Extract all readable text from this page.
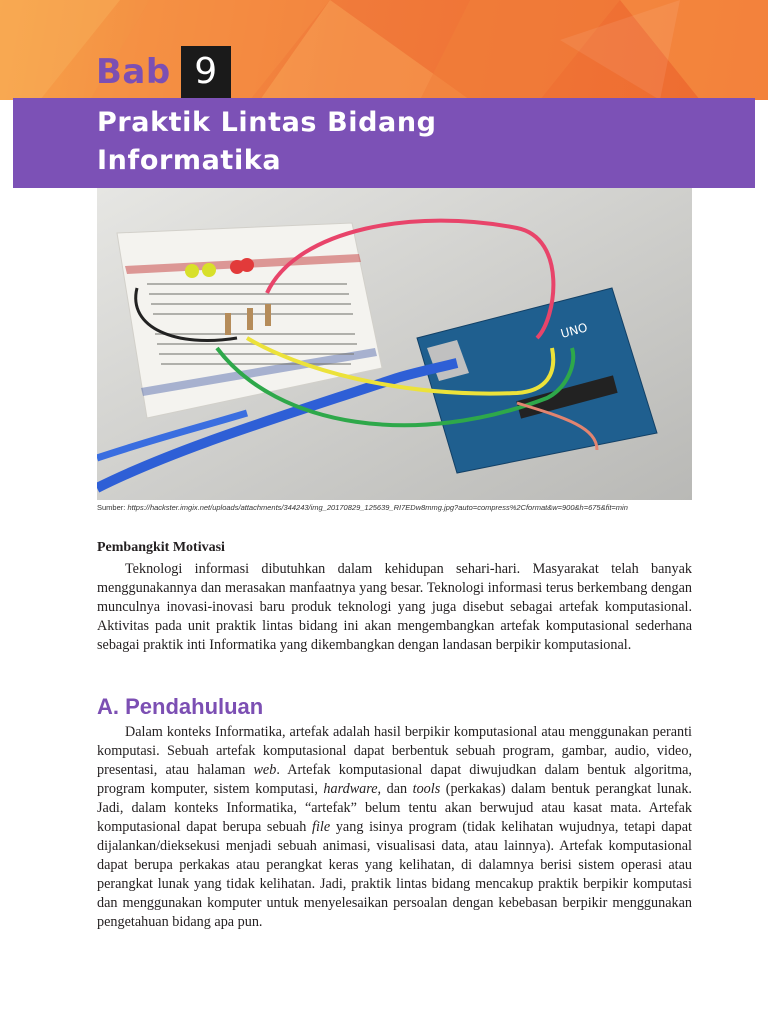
Bab 9
Praktik Lintas Bidang
Informatika
UNO

Sumber: https://hackster.imgix.net/uploads/attachments/344243/img_20170829_125639_RI7EDw8mmg.jpg?auto=compress%2Cformat&w=900&h=675&fit=min

Pembangkit Motivasi

Teknologi informasi dibutuhkan dalam kehidupan sehari-hari. Masyarakat telah banyak menggunakannya dan merasakan manfaatnya yang besar. Teknologi informasi terus berkembang dengan munculnya inovasi-inovasi baru produk teknologi yang juga disebut sebagai artefak komputasional. Aktivitas pada unit praktik lintas bidang ini akan mengembangkan artefak komputasional sederhana sebagai praktik inti Informatika yang dikembangkan dengan landasan berpikir komputasional.

A. Pendahuluan

Dalam konteks Informatika, artefak adalah hasil berpikir komputasional atau menggunakan peranti komputasi. Sebuah artefak komputasional dapat berbentuk sebuah program, gambar, audio, video, presentasi, atau halaman web. Artefak komputasional dapat diwujudkan dalam bentuk algoritma, program komputer, sistem komputasi, hardware, dan tools (perkakas) dalam bentuk perangkat lunak. Jadi, dalam konteks Informatika, “artefak” belum tentu akan berwujud atau kasat mata. Artefak komputasional dapat berupa sebuah file yang isinya program (tidak kelihatan wujudnya, tetapi dapat dijalankan/dieksekusi menjadi sebuah animasi, visualisasi data, atau lainnya). Artefak komputasional dapat berupa perkakas atau perangkat keras yang kelihatan, di dalamnya berisi sistem operasi atau perangkat lunak yang tidak kelihatan. Jadi, praktik lintas bidang mencakup praktik berpikir komputasi dan menggunakan komputer untuk menyelesaikan persoalan dengan kebebasan berpikir menggunakan pengetahuan bidang apa pun.
